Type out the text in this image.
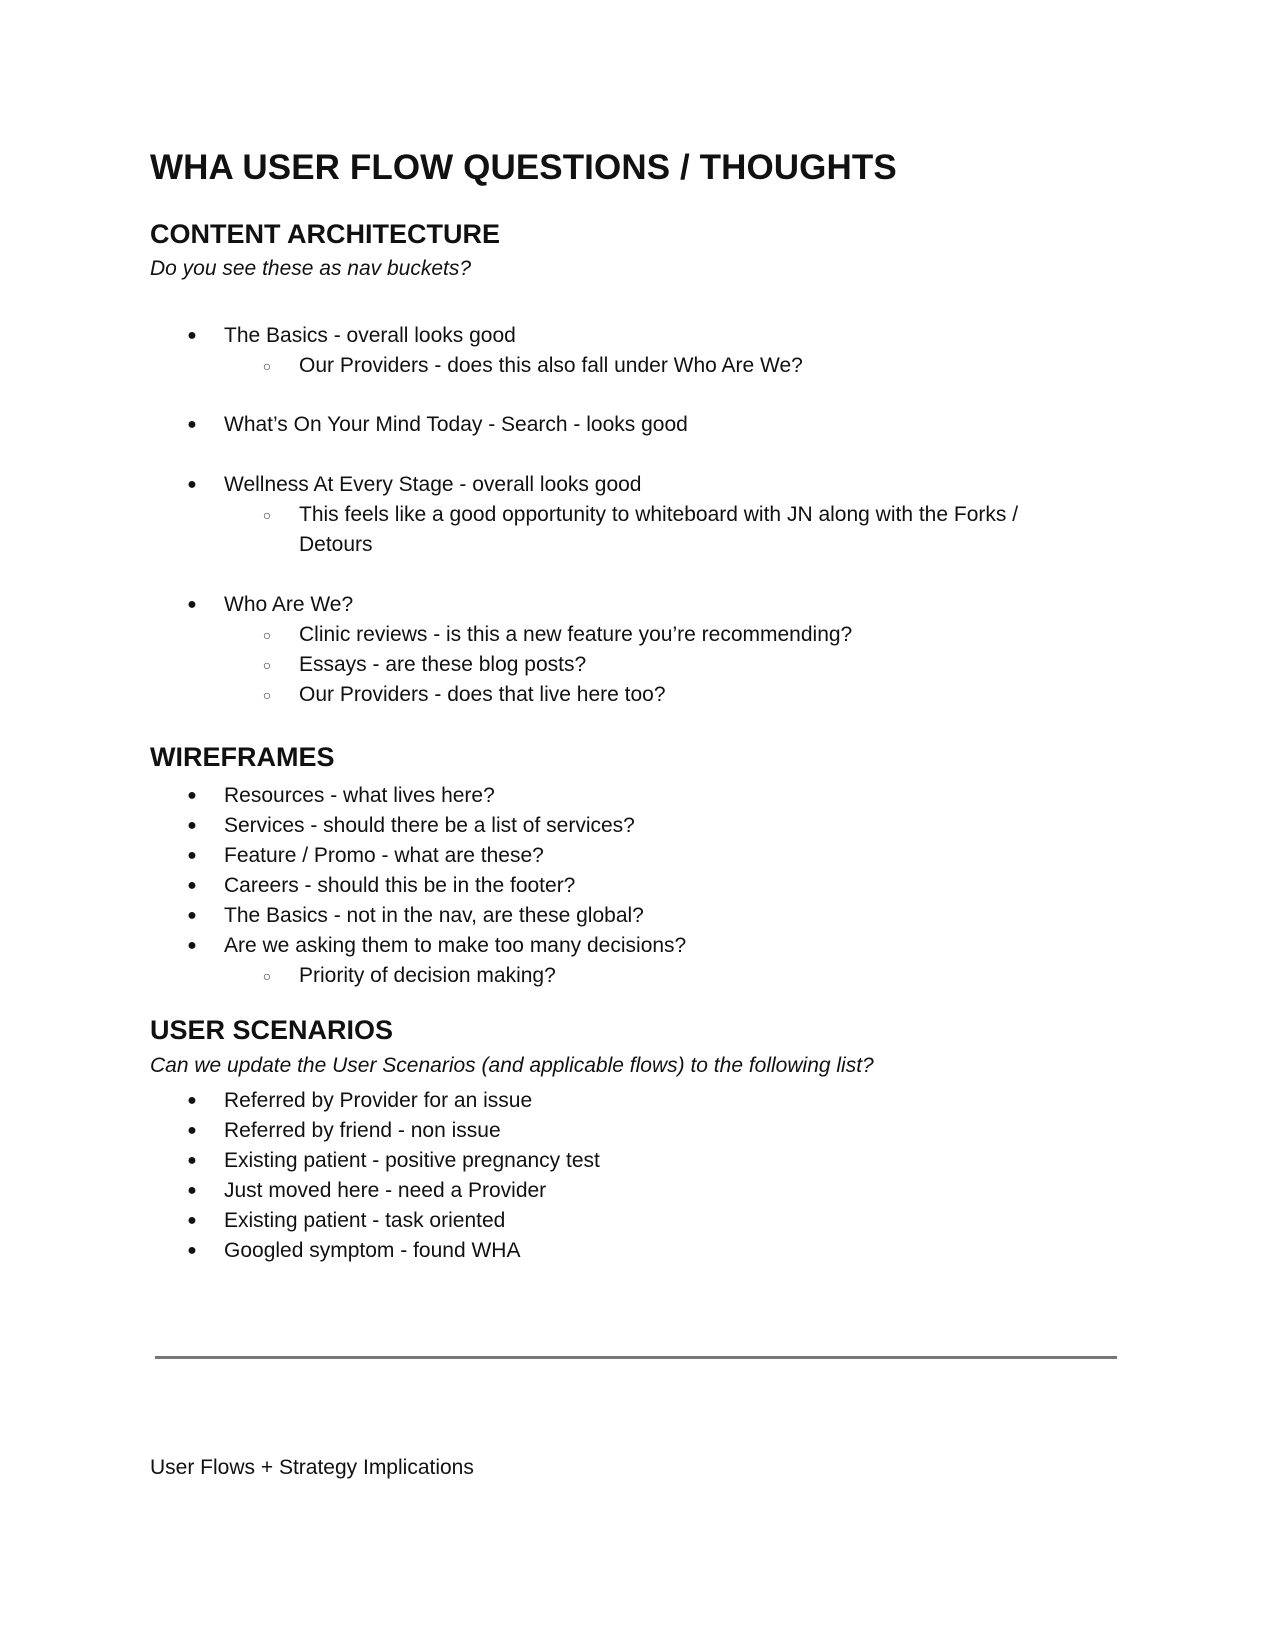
WHA USER FLOW QUESTIONS / THOUGHTS
CONTENT ARCHITECTURE

Do you see these as nav buckets?

● The Basics - overall looks good
○ Our Providers - does this also fall under Who Are We?
● What’s On Your Mind Today - Search - looks good
● Wellness At Every Stage - overall looks good
○ This feels like a good opportunity to whiteboard with JN along with the Forks /
Detours
● Who Are We?
○ Clinic reviews - is this a new feature you’re recommending?
○ Essays - are these blog posts?
○ Our Providers - does that live here too?
WIREFRAMES
● Resources - what lives here?
● Services - should there be a list of services?
● Feature / Promo - what are these?
● Careers - should this be in the footer?
● The Basics - not in the nav, are these global?
● Are we asking them to make too many decisions?
○ Priority of decision making?
USER SCENARIOS

Can we update the User Scenarios (and applicable flows) to the following list?

● Referred by Provider for an issue
● Referred by friend - non issue
● Existing patient - positive pregnancy test
● Just moved here - need a Provider
● Existing patient - task oriented
● Googled symptom - found WHA
User Flows + Strategy Implications
